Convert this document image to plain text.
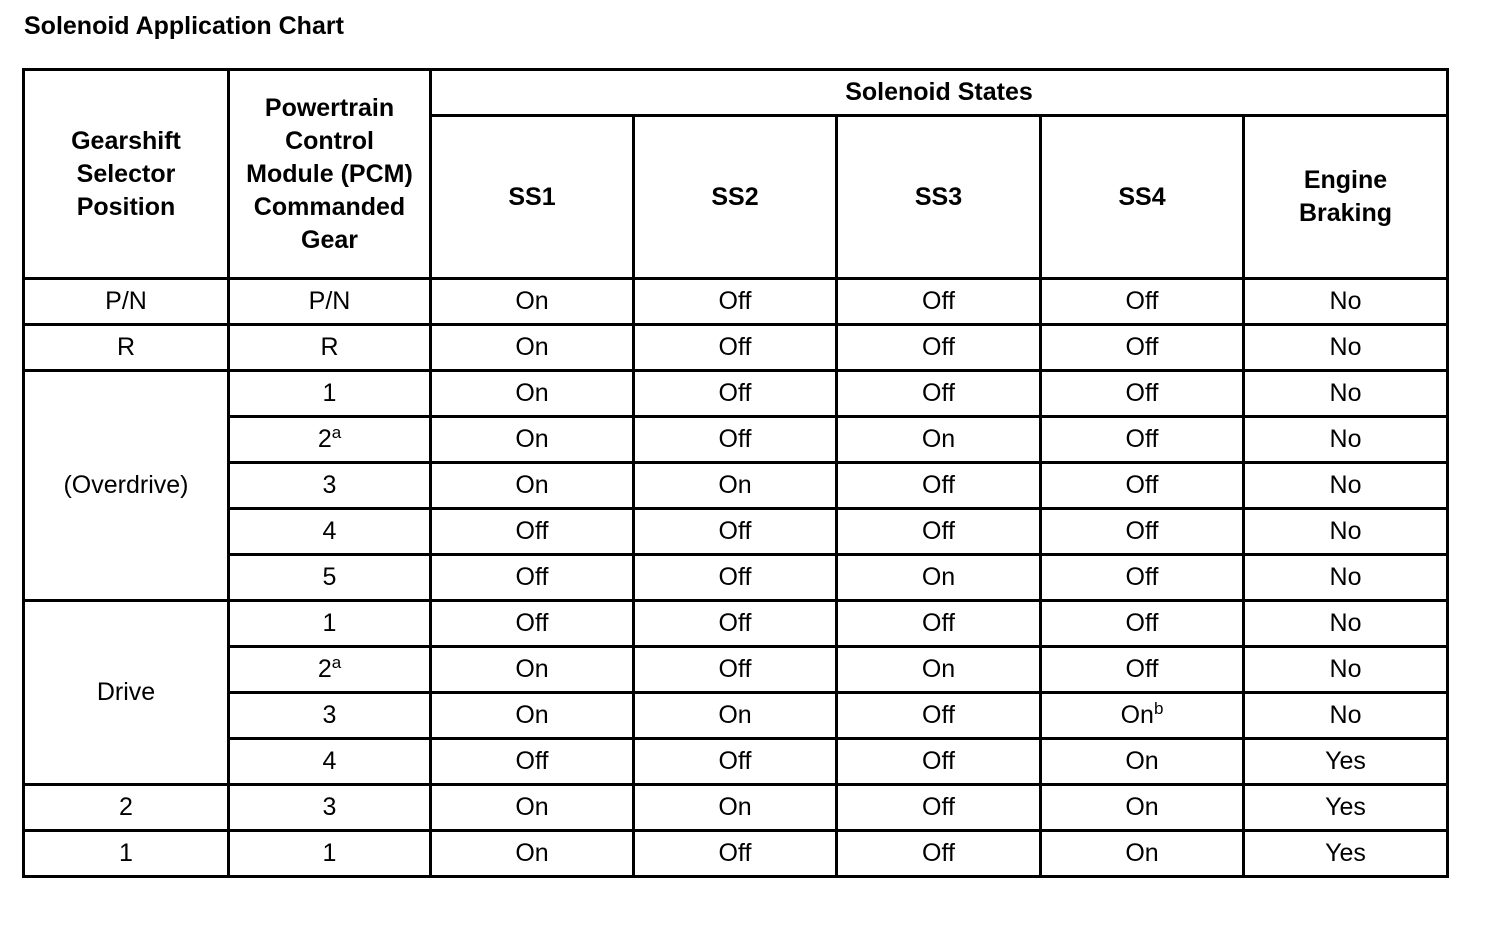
Solenoid Application Chart
Gearshift Selector Position	Powertrain Control Module (PCM) Commanded Gear	Solenoid States				
		SS1	SS2	SS3	SS4	Engine Braking

P/N	P/N	On	Off	Off	Off	No
R	R	On	Off	Off	Off	No
(Overdrive)	1	On	Off	Off	Off	No
	2$^a$	On	Off	On	Off	No
	3	On	On	Off	Off	No
	4	Off	Off	Off	Off	No
	5	Off	Off	On	Off	No
Drive	1	Off	Off	Off	Off	No
	2$^a$	On	Off	On	Off	No
	3	On	On	Off	On$^b$	No
	4	Off	Off	Off	On	Yes
2	3	On	On	Off	On	Yes
1	1	On	Off	Off	On	Yes
